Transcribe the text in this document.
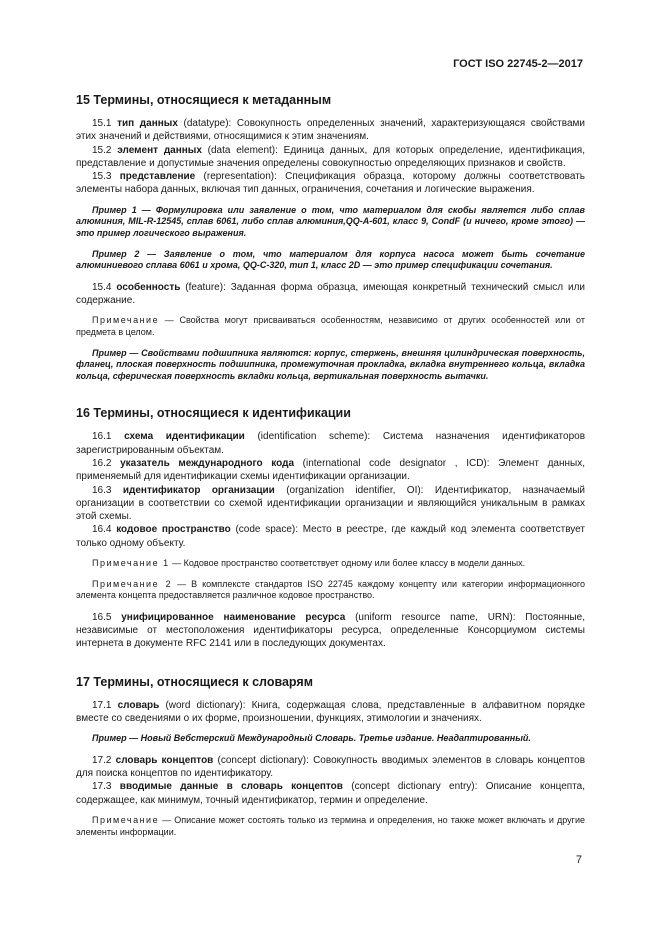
ГОСТ ISO 22745-2—2017
15 Термины, относящиеся к метаданным

15.1 тип данных (datatype): Совокупность определенных значений, характеризующаяся свойствами этих значений и действиями, относящимися к этим значениям.

15.2 элемент данных (data element): Единица данных, для которых определение, идентификация, представление и допустимые значения определены совокупностью определяющих признаков и свойств.

15.3 представление (representation): Спецификация образца, которому должны соответствовать элементы набора данных, включая тип данных, ограничения, сочетания и логические выражения.

Пример 1 — Формулировка или заявление о том, что материалом для скобы является либо сплав алюминия, MIL-R-12545, сплав 6061, либо сплав алюминия,QQ-A-601, класс 9, CondF (и ничего, кроме этого) — это пример логического выражения.

Пример 2 — Заявление о том, что материалом для корпуса насоса может быть сочетание алюминиевого сплава 6061 и хрома, QQ-C-320, тип 1, класс 2D — это пример спецификации сочетания.

15.4 особенность (feature): Заданная форма образца, имеющая конкретный технический смысл или содержание.

Примечание — Свойства могут присваиваться особенностям, независимо от других особенностей или от предмета в целом.

Пример — Свойствами подшипника являются: корпус, стержень, внешняя цилиндрическая поверхность, фланец, плоская поверхность подшипника, промежуточная прокладка, вкладка внутреннего кольца, вкладка кольца, сферическая поверхность вкладки кольца, вертикальная поверхность вытачки.

16 Термины, относящиеся к идентификации

16.1 схема идентификации (identification scheme): Система назначения идентификаторов зарегистрированным объектам.

16.2 указатель международного кода (international code designator , ICD): Элемент данных, применяемый для идентификации схемы идентификации организации.

16.3 идентификатор организации (organization identifier, OI): Идентификатор, назначаемый организации в соответствии со схемой идентификации организации и являющийся уникальным в рамках этой схемы.

16.4 кодовое пространство (code space): Место в реестре, где каждый код элемента соответствует только одному объекту.

Примечание 1 — Кодовое пространство соответствует одному или более классу в модели данных.

Примечание 2 — В комплексте стандартов ISO 22745 каждому концепту или категории информационного элемента концепта предоставляется различное кодовое пространство.

16.5 унифицированное наименование ресурса (uniform resource name, URN): Постоянные, независимые от местоположения идентификаторы ресурса, определенные Консорциумом системы интернета в документе RFC 2141 или в последующих документах.

17 Термины, относящиеся к словарям

17.1 словарь (word dictionary): Книга, содержащая слова, представленные в алфавитном порядке вместе со сведениями о их форме, произношении, функциях, этимологии и значениях.

Пример — Новый Вебстерский Международный Словарь. Третье издание. Неадаптированный.

17.2 словарь концептов (concept dictionary): Совокупность вводимых элементов в словарь концептов для поиска концептов по идентификатору.

17.3 вводимые данные в словарь концептов (concept dictionary entry): Описание концепта, содержащее, как минимум, точный идентификатор, термин и определение.

Примечание — Описание может состоять только из термина и определения, но также может включать и другие элементы информации.

7
